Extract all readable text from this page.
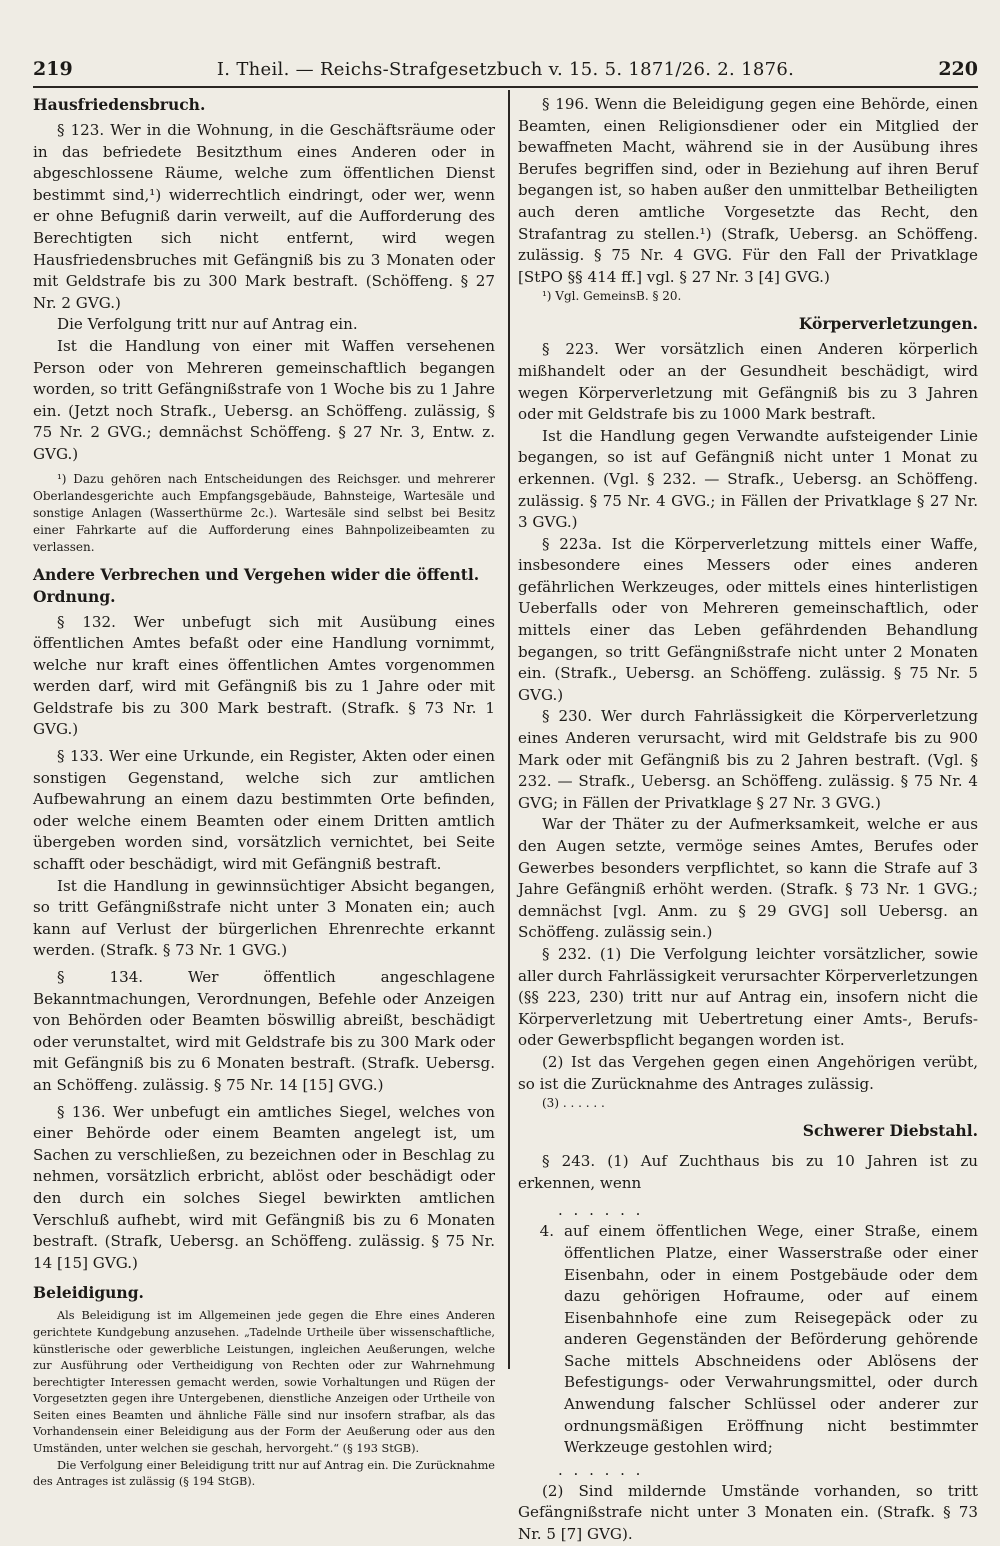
219	I. Theil. — Reichs-Strafgesetzbuch v. 15. 5. 1871/26. 2. 1876.	220
Hausfriedensbruch.

§ 123. Wer in die Wohnung, in die Geschäftsräume oder in das befriedete Besitzthum eines Anderen oder in abgeschlossene Räume, welche zum öffentlichen Dienst bestimmt sind,¹) widerrechtlich eindringt, oder wer, wenn er ohne Befugniß darin verweilt, auf die Aufforderung des Berechtigten sich nicht entfernt, wird wegen Hausfriedensbruches mit Gefängniß bis zu 3 Monaten oder mit Geldstrafe bis zu 300 Mark bestraft. (Schöffeng. § 27 Nr. 2 GVG.)

Die Verfolgung tritt nur auf Antrag ein.

Ist die Handlung von einer mit Waffen versehenen Person oder von Mehreren gemeinschaftlich begangen worden, so tritt Gefängnißstrafe von 1 Woche bis zu 1 Jahre ein. (Jetzt noch Strafk., Uebersg. an Schöffeng. zulässig, § 75 Nr. 2 GVG.; demnächst Schöffeng. § 27 Nr. 3, Entw. z. GVG.)

¹) Dazu gehören nach Entscheidungen des Reichsger. und mehrerer Oberlandesgerichte auch Empfangsgebäude, Bahnsteige, Wartesäle und sonstige Anlagen (Wasserthürme 2c.). Wartesäle sind selbst bei Besitz einer Fahrkarte auf die Aufforderung eines Bahnpolizeibeamten zu verlassen.

Andere Verbrechen und Vergehen wider die öffentl. Ordnung.

§ 132. Wer unbefugt sich mit Ausübung eines öffentlichen Amtes befaßt oder eine Handlung vornimmt, welche nur kraft eines öffentlichen Amtes vorgenommen werden darf, wird mit Gefängniß bis zu 1 Jahre oder mit Geldstrafe bis zu 300 Mark bestraft. (Strafk. § 73 Nr. 1 GVG.)

§ 133. Wer eine Urkunde, ein Register, Akten oder einen sonstigen Gegenstand, welche sich zur amtlichen Aufbewahrung an einem dazu bestimmten Orte befinden, oder welche einem Beamten oder einem Dritten amtlich übergeben worden sind, vorsätzlich vernichtet, bei Seite schafft oder beschädigt, wird mit Gefängniß bestraft.

Ist die Handlung in gewinnsüchtiger Absicht begangen, so tritt Gefängnißstrafe nicht unter 3 Monaten ein; auch kann auf Verlust der bürgerlichen Ehrenrechte erkannt werden. (Strafk. § 73 Nr. 1 GVG.)

§ 134. Wer öffentlich angeschlagene Bekanntmachungen, Verordnungen, Befehle oder Anzeigen von Behörden oder Beamten böswillig abreißt, beschädigt oder verunstaltet, wird mit Geldstrafe bis zu 300 Mark oder mit Gefängniß bis zu 6 Monaten bestraft. (Strafk. Uebersg. an Schöffeng. zulässig. § 75 Nr. 14 [15] GVG.)

§ 136. Wer unbefugt ein amtliches Siegel, welches von einer Behörde oder einem Beamten angelegt ist, um Sachen zu verschließen, zu bezeichnen oder in Beschlag zu nehmen, vorsätzlich erbricht, ablöst oder beschädigt oder den durch ein solches Siegel bewirkten amtlichen Verschluß aufhebt, wird mit Gefängniß bis zu 6 Monaten bestraft. (Strafk, Uebersg. an Schöffeng. zulässig. § 75 Nr. 14 [15] GVG.)

Beleidigung.

Als Beleidigung ist im Allgemeinen jede gegen die Ehre eines Anderen gerichtete Kundgebung anzusehen. „Tadelnde Urtheile über wissenschaftliche, künstlerische oder gewerbliche Leistungen, ingleichen Aeußerungen, welche zur Ausführung oder Vertheidigung von Rechten oder zur Wahrnehmung berechtigter Interessen gemacht werden, sowie Vorhaltungen und Rügen der Vorgesetzten gegen ihre Untergebenen, dienstliche Anzeigen oder Urtheile von Seiten eines Beamten und ähnliche Fälle sind nur insofern strafbar, als das Vorhandensein einer Beleidigung aus der Form der Aeußerung oder aus den Umständen, unter welchen sie geschah, hervorgeht.“ (§ 193 StGB).

Die Verfolgung einer Beleidigung tritt nur auf Antrag ein. Die Zurücknahme des Antrages ist zulässig (§ 194 StGB).

§ 196. Wenn die Beleidigung gegen eine Behörde, einen Beamten, einen Religionsdiener oder ein Mitglied der bewaffneten Macht, während sie in der Ausübung ihres Berufes begriffen sind, oder in Beziehung auf ihren Beruf begangen ist, so haben außer den unmittelbar Betheiligten auch deren amtliche Vorgesetzte das Recht, den Strafantrag zu stellen.¹) (Strafk, Uebersg. an Schöffeng. zulässig. § 75 Nr. 4 GVG. Für den Fall der Privatklage [StPO §§ 414 ff.] vgl. § 27 Nr. 3 [4] GVG.)

¹) Vgl. GemeinsB. § 20.

Körperverletzungen.

§ 223. Wer vorsätzlich einen Anderen körperlich mißhandelt oder an der Gesundheit beschädigt, wird wegen Körperverletzung mit Gefängniß bis zu 3 Jahren oder mit Geldstrafe bis zu 1000 Mark bestraft.

Ist die Handlung gegen Verwandte aufsteigender Linie begangen, so ist auf Gefängniß nicht unter 1 Monat zu erkennen. (Vgl. § 232. — Strafk., Uebersg. an Schöffeng. zulässig. § 75 Nr. 4 GVG.; in Fällen der Privatklage § 27 Nr. 3 GVG.)

§ 223a. Ist die Körperverletzung mittels einer Waffe, insbesondere eines Messers oder eines anderen gefährlichen Werkzeuges, oder mittels eines hinterlistigen Ueberfalls oder von Mehreren gemeinschaftlich, oder mittels einer das Leben gefährdenden Behandlung begangen, so tritt Gefängnißstrafe nicht unter 2 Monaten ein. (Strafk., Uebersg. an Schöffeng. zulässig. § 75 Nr. 5 GVG.)

§ 230. Wer durch Fahrlässigkeit die Körperverletzung eines Anderen verursacht, wird mit Geldstrafe bis zu 900 Mark oder mit Gefängniß bis zu 2 Jahren bestraft. (Vgl. § 232. — Strafk., Uebersg. an Schöffeng. zulässig. § 75 Nr. 4 GVG; in Fällen der Privatklage § 27 Nr. 3 GVG.)

War der Thäter zu der Aufmerksamkeit, welche er aus den Augen setzte, vermöge seines Amtes, Berufes oder Gewerbes besonders verpflichtet, so kann die Strafe auf 3 Jahre Gefängniß erhöht werden. (Strafk. § 73 Nr. 1 GVG.; demnächst [vgl. Anm. zu § 29 GVG] soll Uebersg. an Schöffeng. zulässig sein.)

§ 232. (1) Die Verfolgung leichter vorsätzlicher, sowie aller durch Fahrlässigkeit verursachter Körperverletzungen (§§ 223, 230) tritt nur auf Antrag ein, insofern nicht die Körperverletzung mit Uebertretung einer Amts-, Berufs- oder Gewerbspflicht begangen worden ist.

(2) Ist das Vergehen gegen einen Angehörigen verübt, so ist die Zurücknahme des Antrages zulässig.

(3) . . . . . .

Schwerer Diebstahl.

§ 243. (1) Auf Zuchthaus bis zu 10 Jahren ist zu erkennen, wenn

. . . . . .
4. auf einem öffentlichen Wege, einer Straße, einem öffentlichen Platze, einer Wasserstraße oder einer Eisenbahn, oder in einem Postgebäude oder dem dazu gehörigen Hofraume, oder auf einem Eisenbahnhofe eine zum Reisegepäck oder zu anderen Gegenständen der Beförderung gehörende Sache mittels Abschneidens oder Ablösens der Befestigungs- oder Verwahrungsmittel, oder durch Anwendung falscher Schlüssel oder anderer zur ordnungsmäßigen Eröffnung nicht bestimmter Werkzeuge gestohlen wird;
. . . . . .

(2) Sind mildernde Umstände vorhanden, so tritt Gefängnißstrafe nicht unter 3 Monaten ein. (Strafk. § 73 Nr. 5 [7] GVG).
